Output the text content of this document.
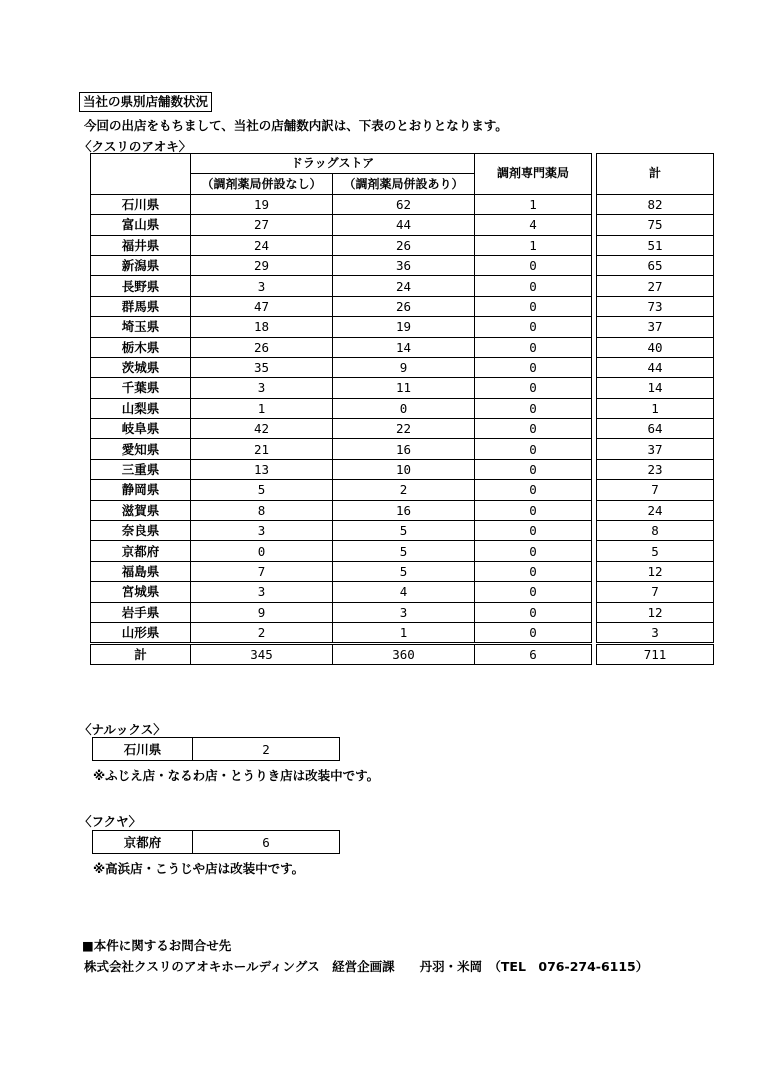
当社の県別店舗数状況
今回の出店をもちまして、当社の店舗数内訳は、下表のとおりとなります。
〈クスリのアオキ〉
	ドラッグストア		調剤専門薬局		計
	（調剤薬局併設なし）	（調剤薬局併設あり）			
石川県	19	62	1		82
富山県	27	44	4		75
福井県	24	26	1		51
新潟県	29	36	0		65
長野県	3	24	0		27
群馬県	47	26	0		73
埼玉県	18	19	0		37
栃木県	26	14	0		40
茨城県	35	9	0		44
千葉県	3	11	0		14
山梨県	1	0	0		1
岐阜県	42	22	0		64
愛知県	21	16	0		37
三重県	13	10	0		23
静岡県	5	2	0		7
滋賀県	8	16	0		24
奈良県	3	5	0		8
京都府	0	5	0		5
福島県	7	5	0		12
宮城県	3	4	0		7
岩手県	9	3	0		12
山形県	2	1	0		3
計	345	360	6		711
〈ナルックス〉
石川県	2
※ふじえ店・なるわ店・とうりき店は改装中です。
〈フクヤ〉
京都府	6
※高浜店・こうじや店は改装中です。
■本件に関するお問合せ先
株式会社クスリのアオキホールディングス　経営企画課　　丹羽・米岡　（TEL　076-274-6115）
